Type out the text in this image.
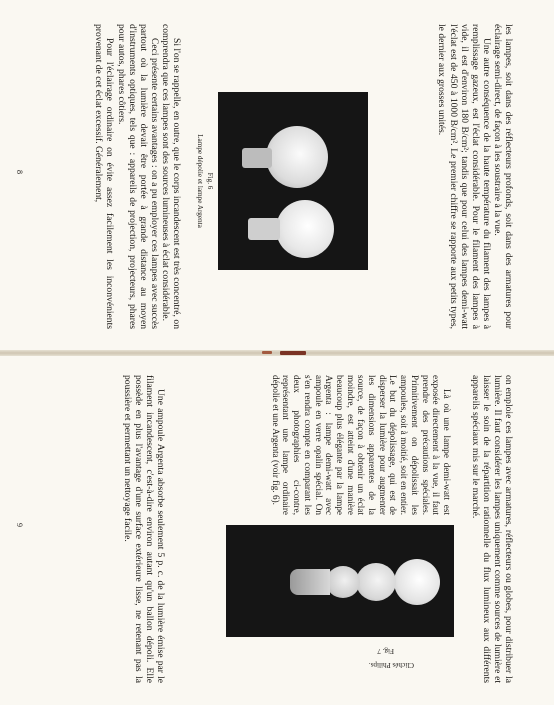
les lampes, soit dans des réflecteurs profonds, soit dans des armatures pour éclairage semi-direct, de façon à les soustraire à la vue.

Une autre conséquence de la haute température du filament des lampes à remplissage gazeux, est l'éclat considérable. Pour le filament des lampes à vide, il est d'environ 180 B/cm²; tandis que pour celui des lampes demi-watt l'éclat est de 450 à 1000 B/cm². Le premier chiffre se rapporte aux petits types, le dernier aux grosses unités.

Fig. 6
Lampe dépolie et lampe Argenta

Si l'on se rappelle, en outre, que le corps incandescent est très concentré, on comprendra que ces lampes sont des sources lumineuses à éclat considérable.

Ceci présente certains avantages : on a pu employer ces lampes avec succès partout où la lumière devait être portée à grande distance au moyen d'instruments optiques, tels que : appareils de projection, projecteurs, phares pour autos, phares côtiers.

Pour l'éclairage ordinaire on évite assez facilement les inconvénients provenant de cet éclat excessif. Généralement,

8

on emploie ces lampes avec armatures, réflecteurs ou globes, pour distribuer la lumière. Il faut considérer les lampes uniquement comme sources de lumière et laisser le soin de la répartition rationnelle du flux lumineux aux différents appareils spéciaux mis sur le marché.

Là où une lampe demi-watt est exposée directement à la vue, il faut prendre des précautions spéciales. Primitivement on dépolissait les ampoules, soit à moitié, soit en entier. Le but du dépolissage, qui est de disperser la lumière pour augmenter les dimensions apparentes de la source, de façon à obtenir un éclat moindre, est atteint d'une manière beaucoup plus élégante par la lampe Argenta : lampe demi-watt avec ampoule en verre opalin spécial. On s'en rendra compte en comparant les deux photographies ci-contre, représentant une lampe ordinaire dépolie et une Argenta (voir fig. 6).

Fig. 7
Clichés Philips.

Une ampoule Argenta absorbe seulement 5 p. c. de la lumière émise par le filament incandescent, c'est-à-dire environ autant qu'un ballon dépoli. Elle possède en plus l'avantage d'une surface extérieure lisse, ne retenant pas la poussière et permettant un nettoyage facile.

9
